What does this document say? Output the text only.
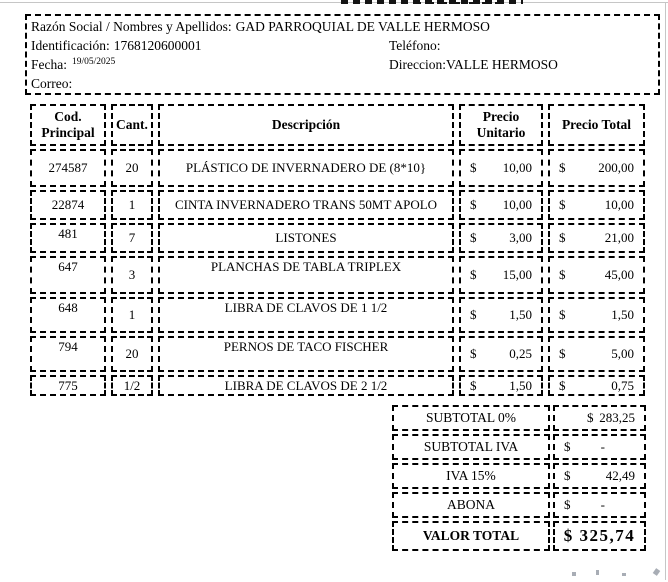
Razón Social / Nombres y Apellidos: GAD PARROQUIAL DE VALLE HERMOSO
Identificación: 1768120600001	Teléfono:
Fecha: $^{19/05/2025}$	Direccion:VALLE HERMOSO
Correo:
Cod. Principal	Cant.	Descripción	Precio Unitario	Precio Total
274587	20	PLÁSTICO DE INVERNADERO DE (8*10}	$ 10,00	$ 200,00

22874	1	CINTA INVERNADERO TRANS 50MT APOLO	$ 10,00	$ 10,00

481	7	LISTONES	$ 3,00	$ 21,00

647	3	PLANCHAS DE TABLA TRIPLEX	$ 15,00	$ 45,00

648	1	LIBRA DE CLAVOS DE 1 1/2	$ 1,50	$ 1,50

794	20	PERNOS DE TACO FISCHER	$ 0,25	$ 5,00

775	1/2	LIBRA DE CLAVOS DE 2 1/2	$ 1,50	$ 0,75
SUBTOTAL 0%	$ 283,25

SUBTOTAL IVA	$ -

IVA 15%	$ 42,49

ABONA	$ -

VALOR TOTAL	$ 325,74
